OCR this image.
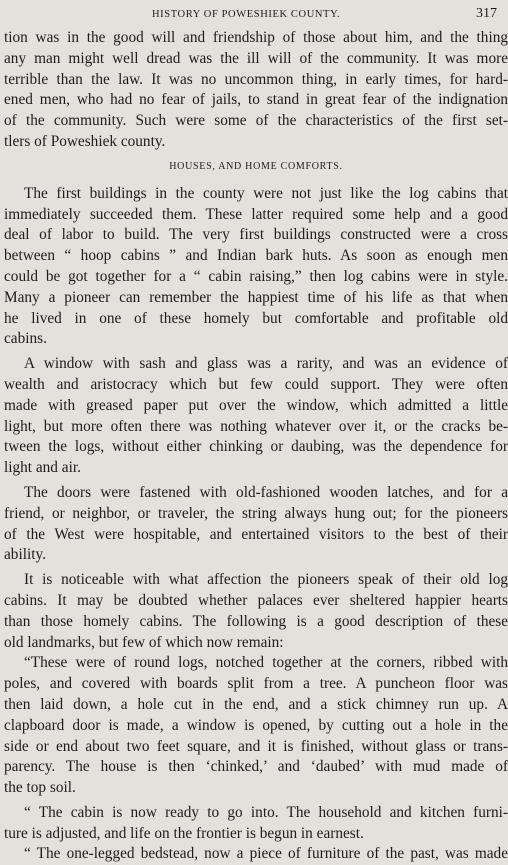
HISTORY OF POWESHIEK COUNTY.	317
tion was in the good will and friendship of those about him, and the thing
any man might well dread was the ill will of the community. It was more
terrible than the law. It was no uncommon thing, in early times, for hard-
ened men, who had no fear of jails, to stand in great fear of the indignation
of the community. Such were some of the characteristics of the first set-
tlers of Poweshiek county.
HOUSES, AND HOME COMFORTS.
The first buildings in the county were not just like the log cabins that
immediately succeeded them. These latter required some help and a good
deal of labor to build. The very first buildings constructed were a cross
between “ hoop cabins ” and Indian bark huts. As soon as enough men
could be got together for a “ cabin raising,” then log cabins were in style.
Many a pioneer can remember the happiest time of his life as that when
he lived in one of these homely but comfortable and profitable old
cabins.
A window with sash and glass was a rarity, and was an evidence of
wealth and aristocracy which but few could support. They were often
made with greased paper put over the window, which admitted a little
light, but more often there was nothing whatever over it, or the cracks be-
tween the logs, without either chinking or daubing, was the dependence for
light and air.
The doors were fastened with old-fashioned wooden latches, and for a
friend, or neighbor, or traveler, the string always hung out; for the pioneers
of the West were hospitable, and entertained visitors to the best of their
ability.
It is noticeable with what affection the pioneers speak of their old log
cabins. It may be doubted whether palaces ever sheltered happier hearts
than those homely cabins. The following is a good description of these
old landmarks, but few of which now remain:
“These were of round logs, notched together at the corners, ribbed with
poles, and covered with boards split from a tree. A puncheon floor was
then laid down, a hole cut in the end, and a stick chimney run up. A
clapboard door is made, a window is opened, by cutting out a hole in the
side or end about two feet square, and it is finished, without glass or trans-
parency. The house is then ‘chinked,’ and ‘daubed’ with mud made of
the top soil.
“ The cabin is now ready to go into. The household and kitchen furni-
ture is adjusted, and life on the frontier is begun in earnest.
“ The one-legged bedstead, now a piece of furniture of the past, was made
